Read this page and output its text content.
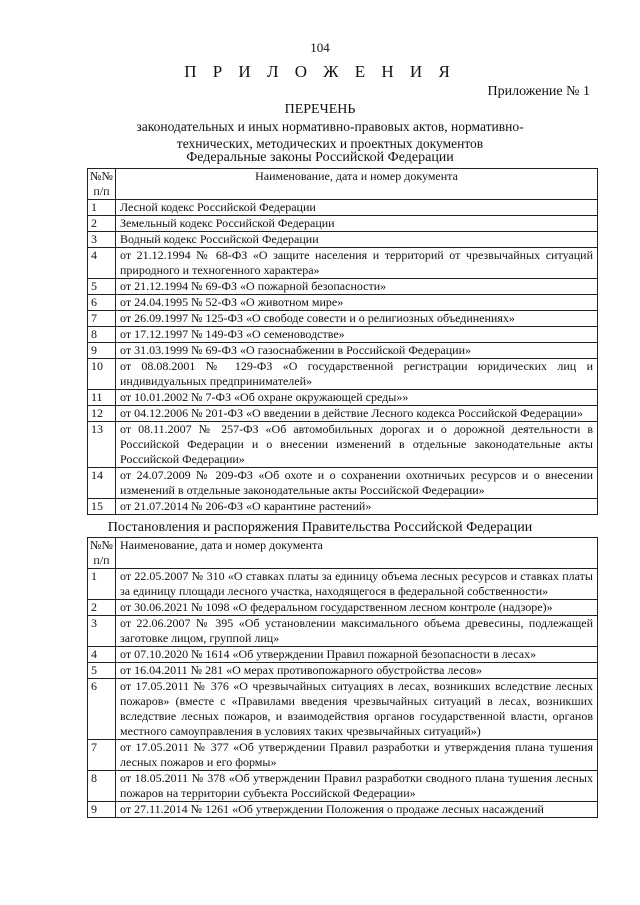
104
П Р И Л О Ж Е Н И Я
Приложение № 1
ПЕРЕЧЕНЬ
законодательных и иных нормативно-правовых актов, нормативно-технических, методических и проектных документов
Федеральные законы Российской Федерации
№№ п/п	Наименование, дата и номер документа
1	Лесной кодекс Российской Федерации
2	Земельный кодекс Российской Федерации
3	Водный кодекс Российской Федерации
4	от 21.12.1994 № 68-ФЗ «О защите населения и территорий от чрезвычайных ситуаций природного и техногенного характера»
5	от 21.12.1994 № 69-ФЗ «О пожарной безопасности»
6	от 24.04.1995 № 52-ФЗ «О животном мире»
7	от 26.09.1997 № 125-ФЗ «О свободе совести и о религиозных объединениях»
8	от 17.12.1997 № 149-ФЗ «О семеноводстве»
9	от 31.03.1999 № 69-ФЗ «О газоснабжении в Российской Федерации»
10	от 08.08.2001 № 129-ФЗ «О государственной регистрации юридических лиц и индивидуальных предпринимателей»
11	от 10.01.2002 № 7-ФЗ «Об охране окружающей среды»»
12	от 04.12.2006 № 201-ФЗ «О введении в действие Лесного кодекса Российской Федерации»
13	от 08.11.2007 № 257-ФЗ «Об автомобильных дорогах и о дорожной деятельности в Российской Федерации и о внесении изменений в отдельные законодательные акты Российской Федерации»
14	от 24.07.2009 № 209-ФЗ «Об охоте и о сохранении охотничьих ресурсов и о внесении изменений в отдельные законодательные акты Российской Федерации»
15	от 21.07.2014 № 206-ФЗ «О карантине растений»
Постановления и распоряжения Правительства Российской Федерации
№№ п/п	Наименование, дата и номер документа
1	от 22.05.2007 № 310 «О ставках платы за единицу объема лесных ресурсов и ставках платы за единицу площади лесного участка, находящегося в федеральной собственности»
2	от 30.06.2021 № 1098 «О федеральном государственном лесном контроле (надзоре)»
3	от 22.06.2007 № 395 «Об установлении максимального объема древесины, подлежащей заготовке лицом, группой лиц»
4	от 07.10.2020 № 1614 «Об утверждении Правил пожарной безопасности в лесах»
5	от 16.04.2011 № 281 «О мерах противопожарного обустройства лесов»
6	от 17.05.2011 № 376 «О чрезвычайных ситуациях в лесах, возникших вследствие лесных пожаров» (вместе с «Правилами введения чрезвычайных ситуаций в лесах, возникших вследствие лесных пожаров, и взаимодействия органов государственной власти, органов местного самоуправления в условиях таких чрезвычайных ситуаций»)
7	от 17.05.2011 № 377 «Об утверждении Правил разработки и утверждения плана тушения лесных пожаров и его формы»
8	от 18.05.2011 № 378 «Об утверждении Правил разработки сводного плана тушения лесных пожаров на территории субъекта Российской Федерации»
9	от 27.11.2014 № 1261 «Об утверждении Положения о продаже лесных насаждений
